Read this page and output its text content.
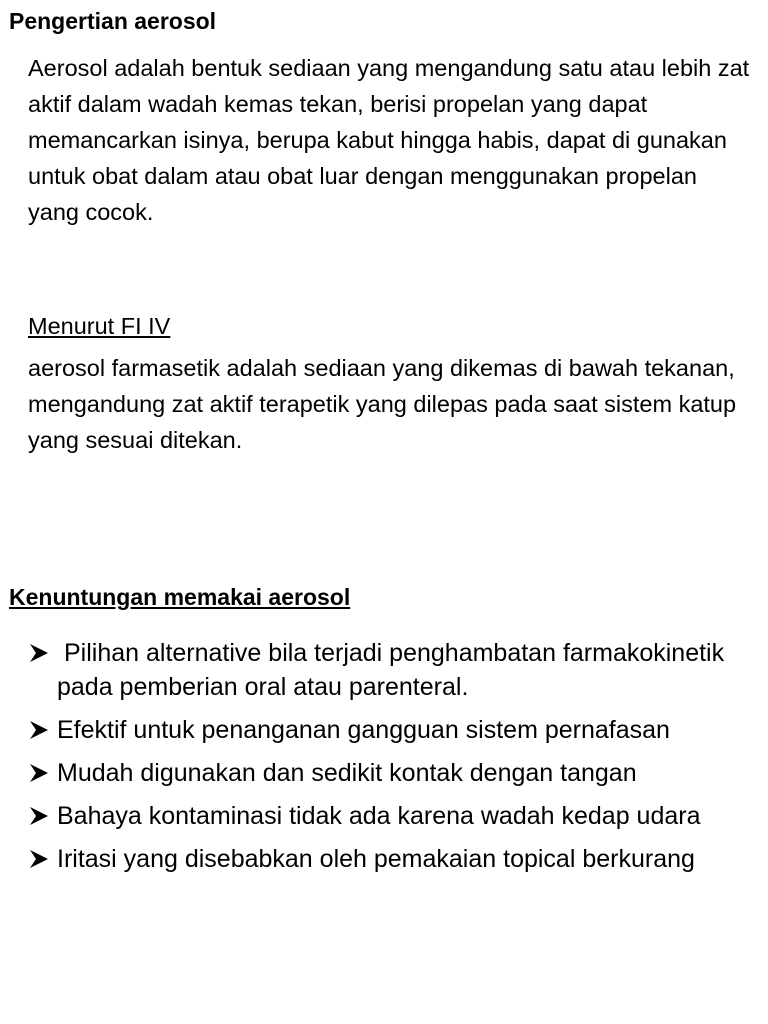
Pengertian aerosol

Aerosol adalah bentuk sediaan yang mengandung satu atau lebih zat aktif dalam wadah kemas tekan, berisi propelan yang dapat memancarkan isinya, berupa kabut hingga habis, dapat di gunakan untuk obat dalam atau obat luar dengan menggunakan propelan yang cocok.

Menurut FI IV

aerosol farmasetik adalah sediaan yang dikemas di bawah tekanan, mengandung zat aktif terapetik yang dilepas pada saat sistem katup yang sesuai ditekan.

Kenuntungan memakai aerosol
Pilihan alternative bila terjadi penghambatan farmakokinetik pada pemberian oral atau parenteral.
Efektif untuk penanganan gangguan sistem pernafasan
Mudah digunakan dan sedikit kontak dengan tangan
Bahaya kontaminasi tidak ada karena wadah kedap udara
Iritasi yang disebabkan oleh pemakaian topical berkurang
